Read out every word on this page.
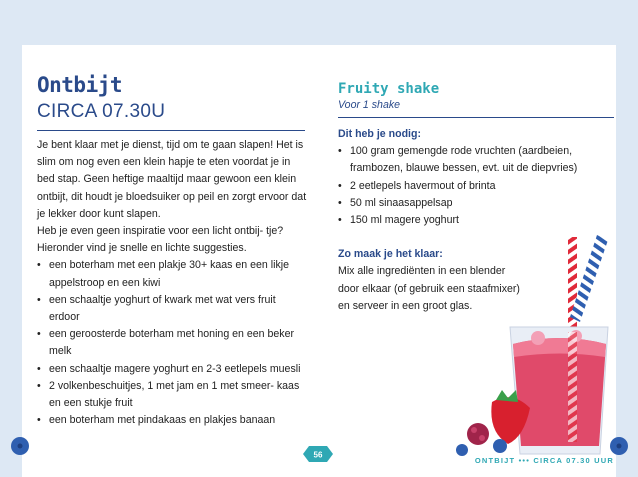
Ontbijt
CIRCA 07.30U

Je bent klaar met je dienst, tijd om te gaan slapen! Het is slim om nog even een klein hapje te eten voordat je in bed stap. Geen heftige maaltijd maar gewoon een klein ontbijt, dit houdt je bloedsuiker op peil en zorgt ervoor dat je lekker door kunt slapen.

Heb je even geen inspiratie voor een licht ontbij- tje? Hieronder vind je snelle en lichte suggesties.

• een boterham met een plakje 30+ kaas en een likje appelstroop en een kiwi
• een schaaltje yoghurt of kwark met wat vers fruit erdoor
• een geroosterde boterham met honing en een beker melk
• een schaaltje magere yoghurt en 2-3 eetlepels muesli
• 2 volkenbeschuitjes, 1 met jam en 1 met smeer- kaas en een stukje fruit
• een boterham met pindakaas en plakjes banaan
Fruity shake
Voor 1 shake
Dit heb je nodig:
• 100 gram gemengde rode vruchten (aardbeien, frambozen, blauwe bessen, evt. uit de diepvries)
• 2 eetlepels havermout of brinta
• 50 ml sinaasappelsap
• 150 ml magere yoghurt
Zo maak je het klaar:
Mix alle ingrediënten in een blender door elkaar (of gebruik een staafmixer) en serveer in een groot glas.
56
ONTBIJT ••• CIRCA 07.30 UUR
